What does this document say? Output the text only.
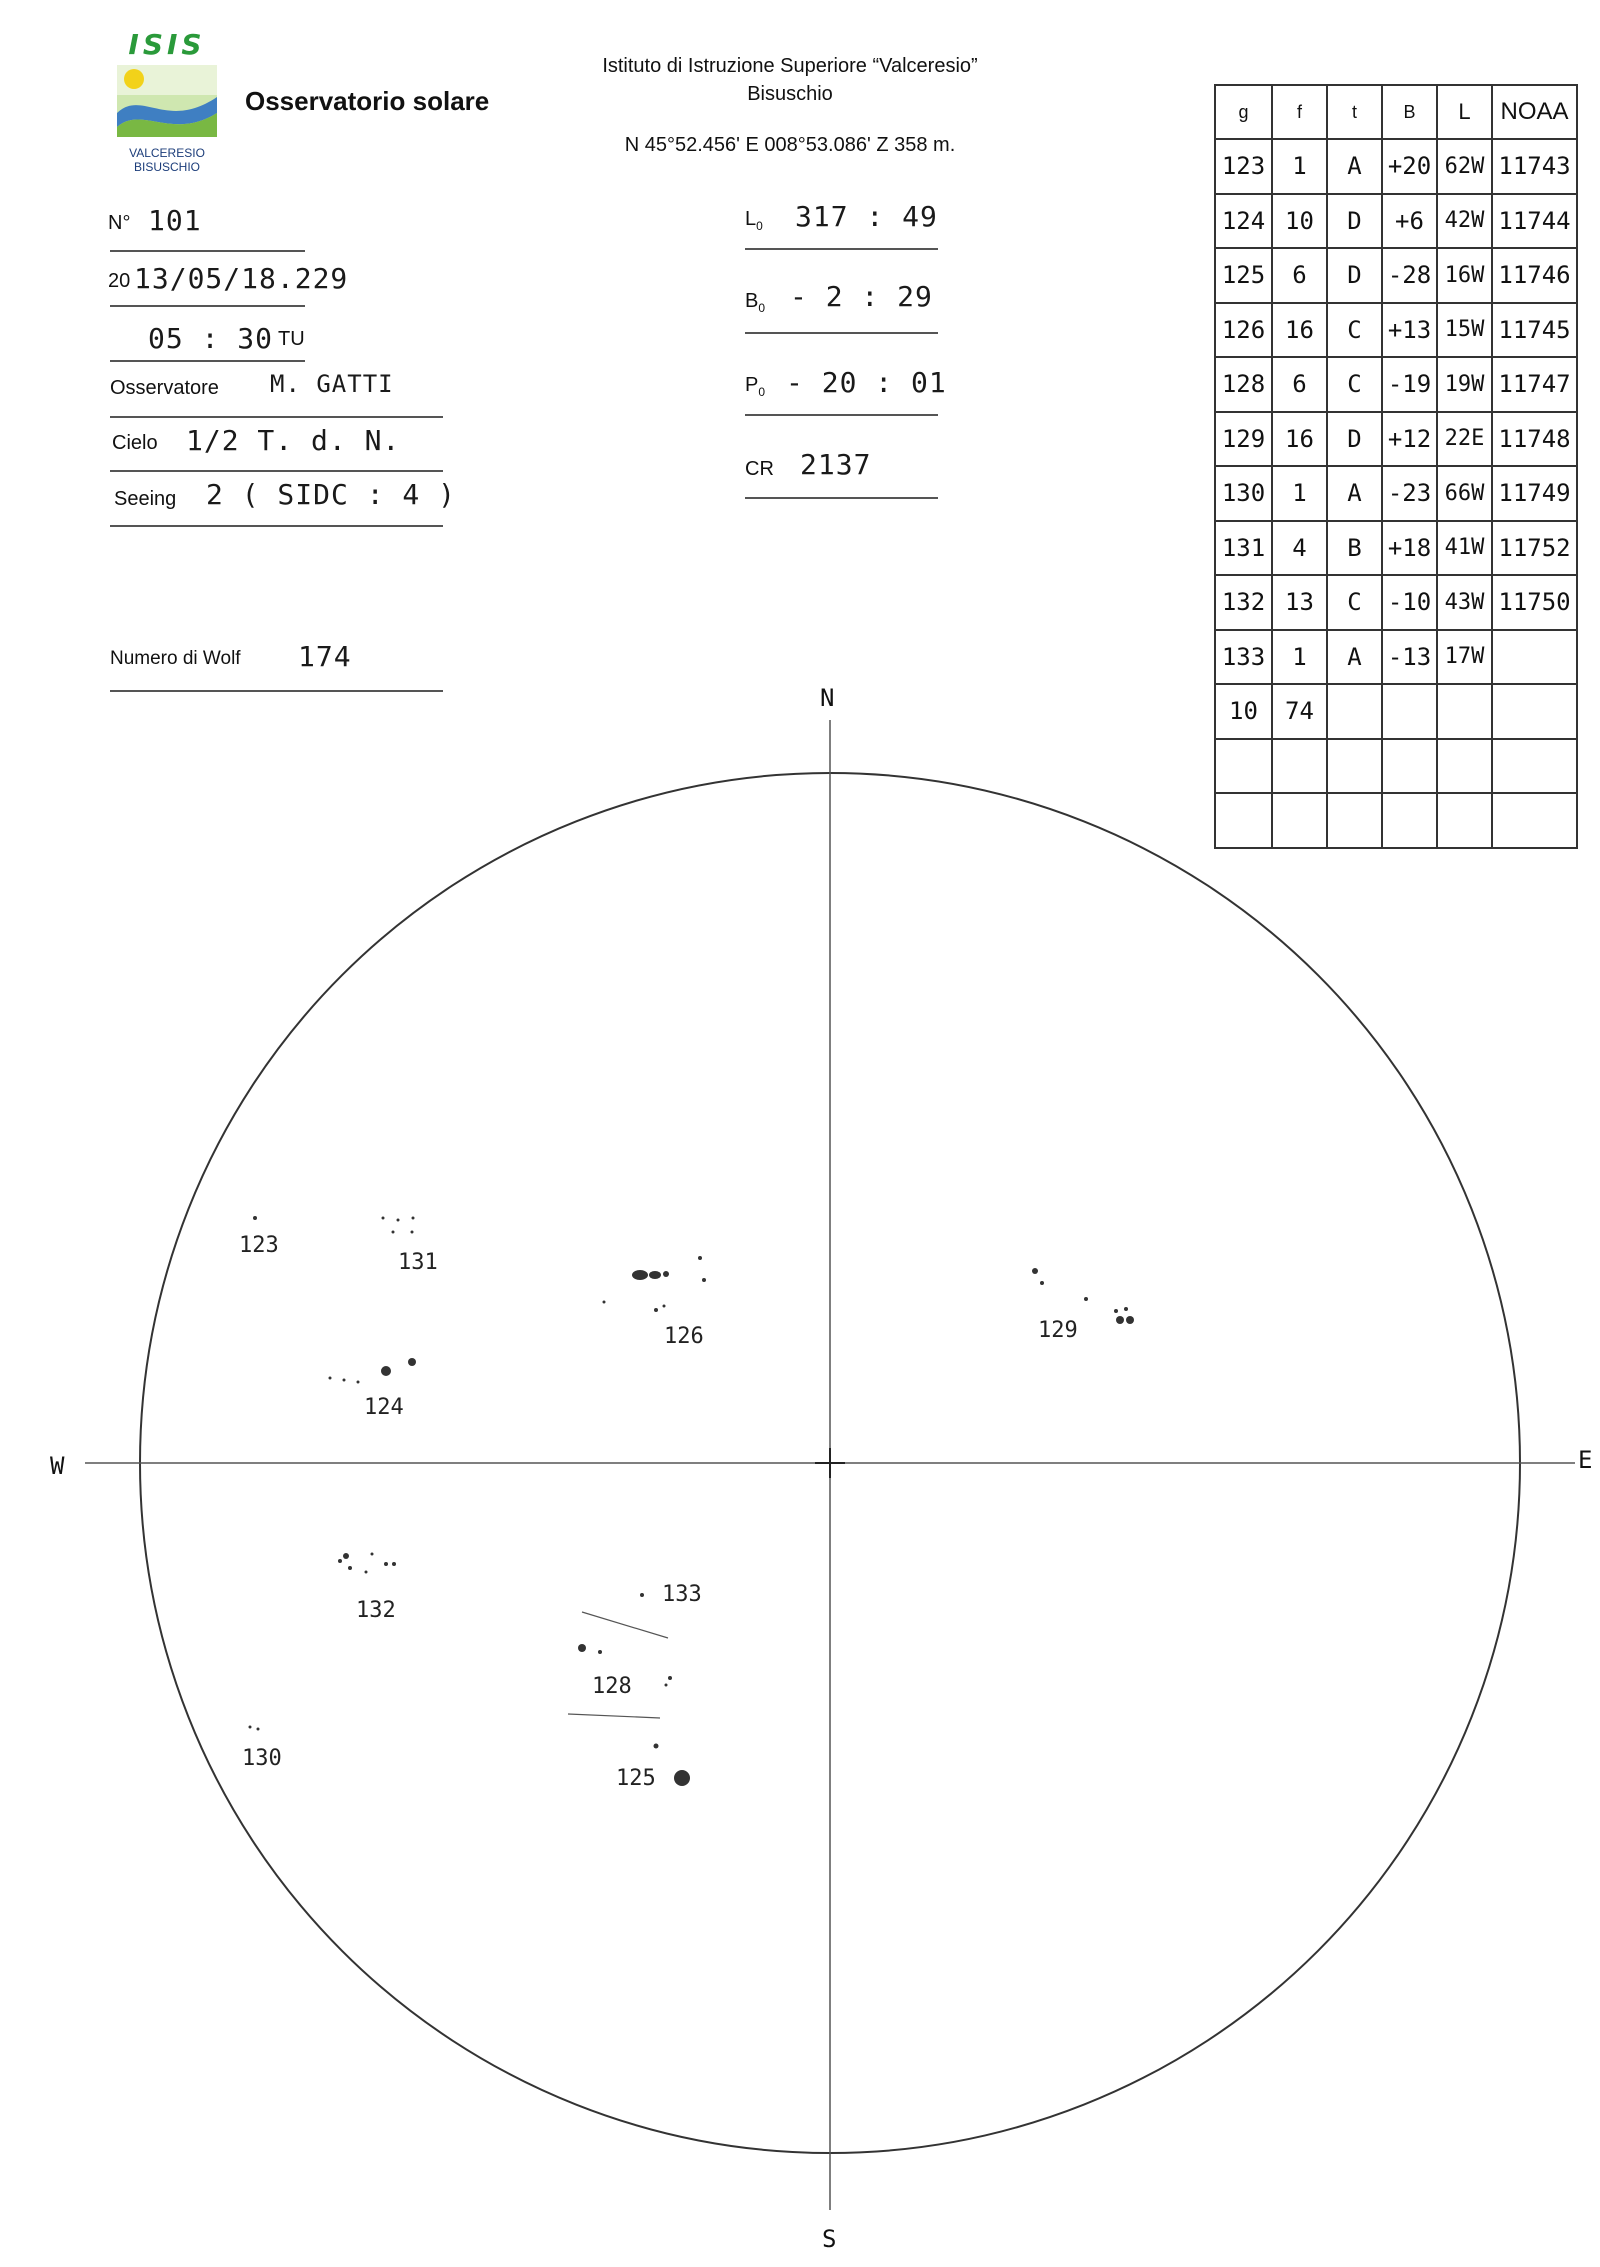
ISIS
VALCERESIO
BISUSCHIO
Osservatorio solare
Istituto di Istruzione Superiore “Valceresio”
Bisuschio
N 45°52.456' E 008°53.086' Z 358 m.
N° 101
20 13/05/18.229
05 : 30 TU
Osservatore M. GATTI
Cielo 1/2 T. d. N.
Seeing 2 ( SIDC : 4 )
Numero di Wolf 174
$L_0$ 317 : 49
$B_0 - 2$ : 29
$P_0 - 20$ : 01
CR 2137
g	f	t	B	L	NOAA
123	1	A	+20	62W	11743
124	10	D	+6	42W	11744
125	6	D	-28	16W	11746
126	16	C	+13	15W	11745
128	6	C	-19	19W	11747
129	16	D	+12	22E	11748
130	1	A	-23	66W	11749
131	4	B	+18	41W	11752
132	13	C	-10	43W	11750
133	1	A	-13	17W	
10	74				

N
S
W	E
123
131
126	129
124
132
133
128
130
125
